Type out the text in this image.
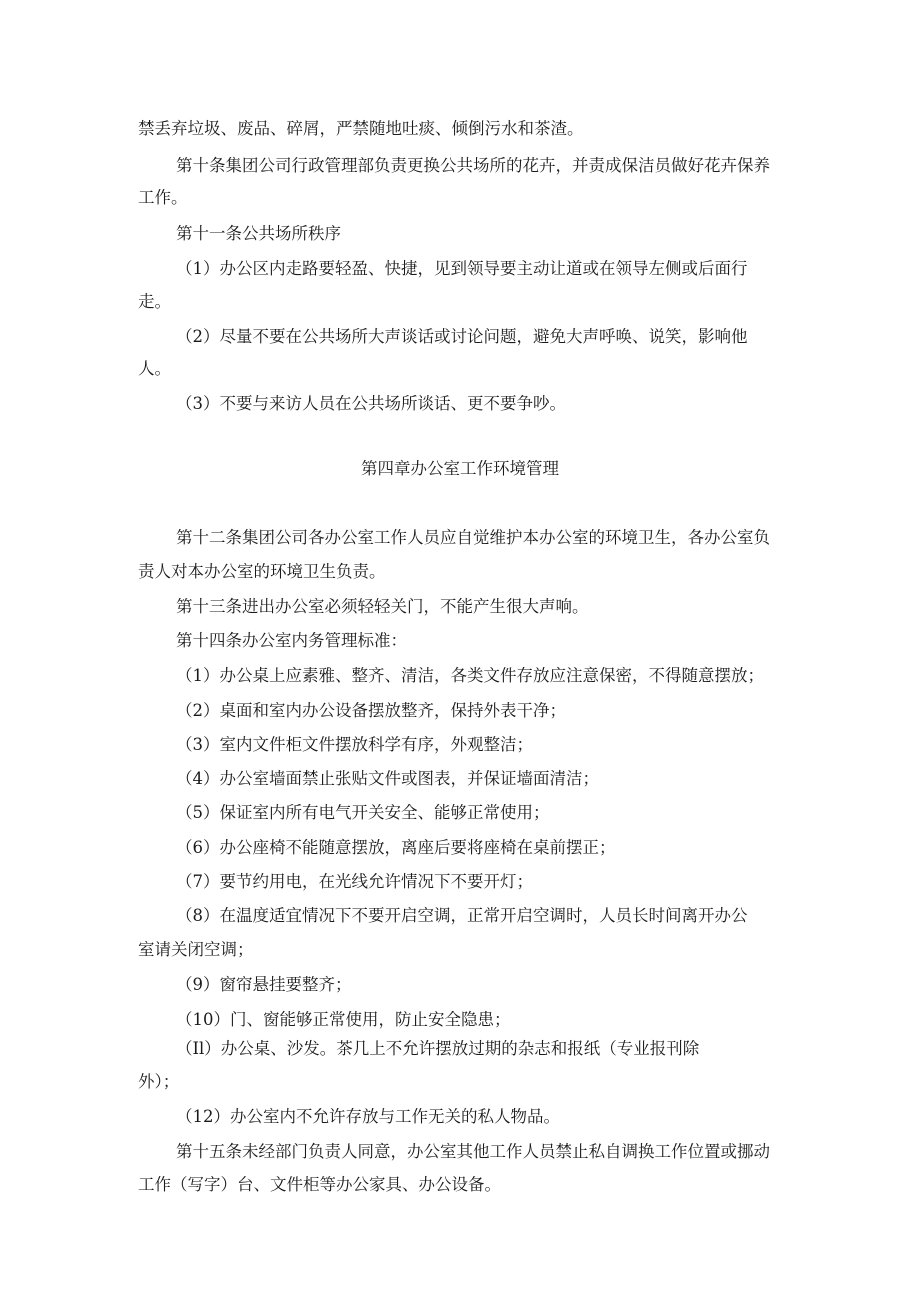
禁丢弃垃圾、废品、碎屑，严禁随地吐痰、倾倒污水和茶渣。

第十条集团公司行政管理部负责更换公共场所的花卉，并责成保洁员做好花卉保养

工作。

第十一条公共场所秩序

（1）办公区内走路要轻盈、快捷，见到领导要主动让道或在领导左侧或后面行

走。

（2）尽量不要在公共场所大声谈话或讨论问题，避免大声呼唤、说笑，影响他

人。

（3）不要与来访人员在公共场所谈话、更不要争吵。

第四章办公室工作环境管理

第十二条集团公司各办公室工作人员应自觉维护本办公室的环境卫生，各办公室负

责人对本办公室的环境卫生负责。

第十三条进出办公室必须轻轻关门，不能产生很大声响。

第十四条办公室内务管理标准：

（1）办公桌上应素雅、整齐、清洁，各类文件存放应注意保密，不得随意摆放；

（2）桌面和室内办公设备摆放整齐，保持外表干净；

（3）室内文件柜文件摆放科学有序，外观整洁；

（4）办公室墙面禁止张贴文件或图表，并保证墙面清洁；

（5）保证室内所有电气开关安全、能够正常使用；

（6）办公座椅不能随意摆放，离座后要将座椅在桌前摆正；

（7）要节约用电，在光线允许情况下不要开灯；

（8）在温度适宜情况下不要开启空调，正常开启空调时，人员长时间离开办公

室请关闭空调；

（9）窗帘悬挂要整齐；

（10）门、窗能够正常使用，防止安全隐患；

（Il）办公桌、沙发。茶几上不允许摆放过期的杂志和报纸（专业报刊除

外）；

（12）办公室内不允许存放与工作无关的私人物品。

第十五条未经部门负责人同意，办公室其他工作人员禁止私自调换工作位置或挪动

工作（写字）台、文件柜等办公家具、办公设备。
